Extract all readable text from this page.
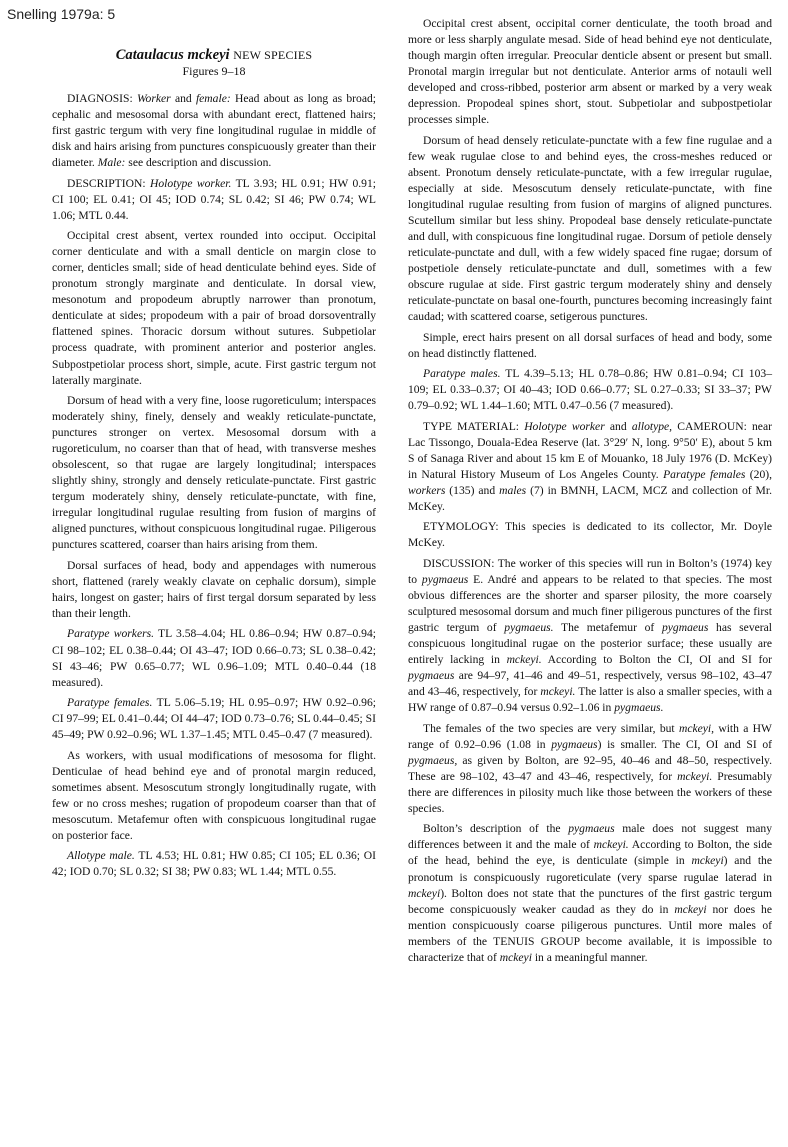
Snelling 1979a: 5
Cataulacus mckeyi NEW SPECIES
Figures 9–18

DIAGNOSIS: Worker and female: Head about as long as broad; cephalic and mesosomal dorsa with abundant erect, flattened hairs; first gastric tergum with very fine longitudinal rugulae in middle of disk and hairs arising from punctures conspicuously greater than their diameter. Male: see description and discussion.

DESCRIPTION: Holotype worker. TL 3.93; HL 0.91; HW 0.91; CI 100; EL 0.41; OI 45; IOD 0.74; SL 0.42; SI 46; PW 0.74; WL 1.06; MTL 0.44.

Occipital crest absent, vertex rounded into occiput. Occipital corner denticulate and with a small denticle on margin close to corner, denticles small; side of head denticulate behind eyes. Side of pronotum strongly marginate and denticulate. In dorsal view, mesonotum and propodeum abruptly narrower than pronotum, denticulate at sides; propodeum with a pair of broad dorsoventrally flattened spines. Thoracic dorsum without sutures. Subpetiolar process quadrate, with prominent anterior and posterior angles. Subpostpetiolar process short, simple, acute. First gastric tergum not laterally marginate.

Dorsum of head with a very fine, loose rugoreticulum; interspaces moderately shiny, finely, densely and weakly reticulate-punctate, punctures stronger on vertex. Mesosomal dorsum with a rugoreticulum, no coarser than that of head, with transverse meshes obsolescent, so that rugae are largely longitudinal; interspaces slightly shiny, strongly and densely reticulate-punctate. First gastric tergum moderately shiny, densely reticulate-punctate, with fine, irregular longitudinal rugulae resulting from fusion of margins of aligned punctures, without conspicuous longitudinal rugae. Piligerous punctures scattered, coarser than hairs arising from them.

Dorsal surfaces of head, body and appendages with numerous short, flattened (rarely weakly clavate on cephalic dorsum), simple hairs, longest on gaster; hairs of first tergal dorsum separated by less than their length.

Paratype workers. TL 3.58–4.04; HL 0.86–0.94; HW 0.87–0.94; CI 98–102; EL 0.38–0.44; OI 43–47; IOD 0.66–0.73; SL 0.38–0.42; SI 43–46; PW 0.65–0.77; WL 0.96–1.09; MTL 0.40–0.44 (18 measured).

Paratype females. TL 5.06–5.19; HL 0.95–0.97; HW 0.92–0.96; CI 97–99; EL 0.41–0.44; OI 44–47; IOD 0.73–0.76; SL 0.44–0.45; SI 45–49; PW 0.92–0.96; WL 1.37–1.45; MTL 0.45–0.47 (7 measured).

As workers, with usual modifications of mesosoma for flight. Denticulae of head behind eye and of pronotal margin reduced, sometimes absent. Mesoscutum strongly longitudinally rugate, with few or no cross meshes; rugation of propodeum coarser than that of mesoscutum. Metafemur often with conspicuous longitudinal rugae on posterior face.

Allotype male. TL 4.53; HL 0.81; HW 0.85; CI 105; EL 0.36; OI 42; IOD 0.70; SL 0.32; SI 38; PW 0.83; WL 1.44; MTL 0.55.

Occipital crest absent, occipital corner denticulate, the tooth broad and more or less sharply angulate mesad. Side of head behind eye not denticulate, though margin often irregular. Preocular denticle absent or present but small. Pronotal margin irregular but not denticulate. Anterior arms of notauli well developed and cross-ribbed, posterior arm absent or marked by a very weak depression. Propodeal spines short, stout. Subpetiolar and subpostpetiolar processes simple.

Dorsum of head densely reticulate-punctate with a few fine rugulae and a few weak rugulae close to and behind eyes, the cross-meshes reduced or absent. Pronotum densely reticulate-punctate, with a few irregular rugulae, especially at side. Mesoscutum densely reticulate-punctate, with fine longitudinal rugulae resulting from fusion of margins of aligned punctures. Scutellum similar but less shiny. Propodeal base densely reticulate-punctate and dull, with conspicuous fine longitudinal rugae. Dorsum of petiole densely reticulate-punctate and dull, with a few widely spaced fine rugae; dorsum of postpetiole densely reticulate-punctate and dull, sometimes with a few obscure rugulae at side. First gastric tergum moderately shiny and densely reticulate-punctate on basal one-fourth, punctures becoming increasingly faint caudad; with scattered coarse, setigerous punctures.

Simple, erect hairs present on all dorsal surfaces of head and body, some on head distinctly flattened.

Paratype males. TL 4.39–5.13; HL 0.78–0.86; HW 0.81–0.94; CI 103–109; EL 0.33–0.37; OI 40–43; IOD 0.66–0.77; SL 0.27–0.33; SI 33–37; PW 0.79–0.92; WL 1.44–1.60; MTL 0.47–0.56 (7 measured).

TYPE MATERIAL: Holotype worker and allotype, CAMEROUN: near Lac Tissongo, Douala-Edea Reserve (lat. 3°29′ N, long. 9°50′ E), about 5 km S of Sanaga River and about 15 km E of Mouanko, 18 July 1976 (D. McKey) in Natural History Museum of Los Angeles County. Paratype females (20), workers (135) and males (7) in BMNH, LACM, MCZ and collection of Mr. McKey.

ETYMOLOGY: This species is dedicated to its collector, Mr. Doyle McKey.

DISCUSSION: The worker of this species will run in Bolton’s (1974) key to pygmaeus E. André and appears to be related to that species. The most obvious differences are the shorter and sparser pilosity, the more coarsely sculptured mesosomal dorsum and much finer piligerous punctures of the first gastric tergum of pygmaeus. The metafemur of pygmaeus has several conspicuous longitudinal rugae on the posterior surface; these usually are entirely lacking in mckeyi. According to Bolton the CI, OI and SI for pygmaeus are 94–97, 41–46 and 49–51, respectively, versus 98–102, 43–47 and 43–46, respectively, for mckeyi. The latter is also a smaller species, with a HW range of 0.87–0.94 versus 0.92–1.06 in pygmaeus.

The females of the two species are very similar, but mckeyi, with a HW range of 0.92–0.96 (1.08 in pygmaeus) is smaller. The CI, OI and SI of pygmaeus, as given by Bolton, are 92–95, 40–46 and 48–50, respectively. These are 98–102, 43–47 and 43–46, respectively, for mckeyi. Presumably there are differences in pilosity much like those between the workers of these species.

Bolton’s description of the pygmaeus male does not suggest many differences between it and the male of mckeyi. According to Bolton, the side of the head, behind the eye, is denticulate (simple in mckeyi) and the pronotum is conspicuously rugoreticulate (very sparse rugulae laterad in mckeyi). Bolton does not state that the punctures of the first gastric tergum become conspicuously weaker caudad as they do in mckeyi nor does he mention conspicuously coarse piligerous punctures. Until more males of members of the TENUIS GROUP become available, it is impossible to characterize that of mckeyi in a meaningful manner.
